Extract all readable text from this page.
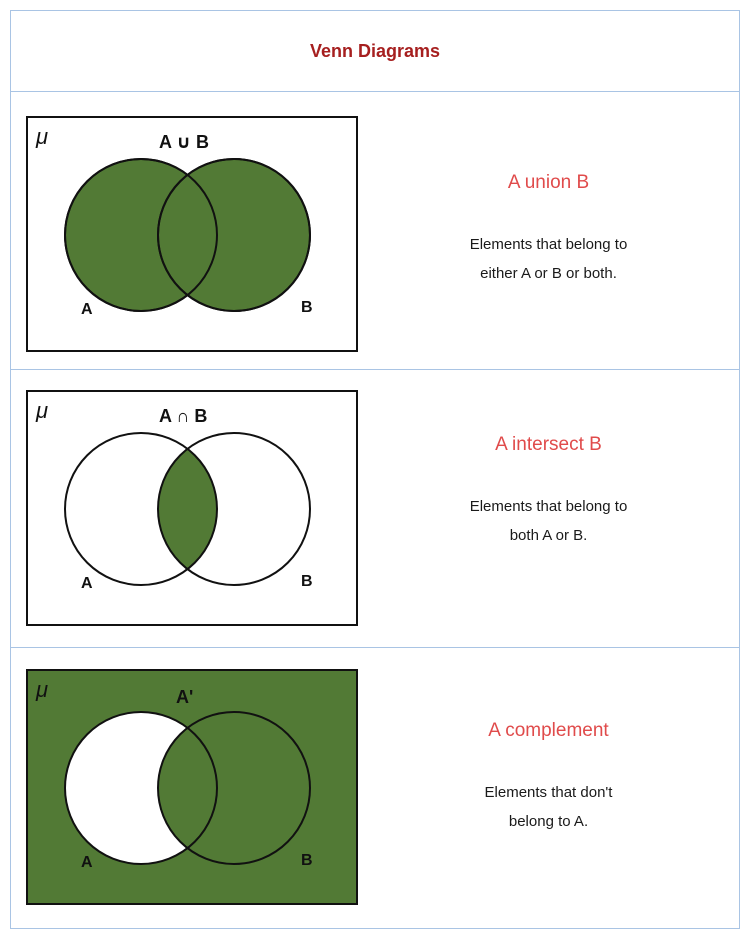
Venn Diagrams
μ	A ∪ B
A	B
A union B
Elements that belong to
either A or B or both.
μ	A ∩ B
A	B
A intersect B
Elements that belong to
both A or B.
μ	A'
A	B
A complement
Elements that don't
belong to A.
